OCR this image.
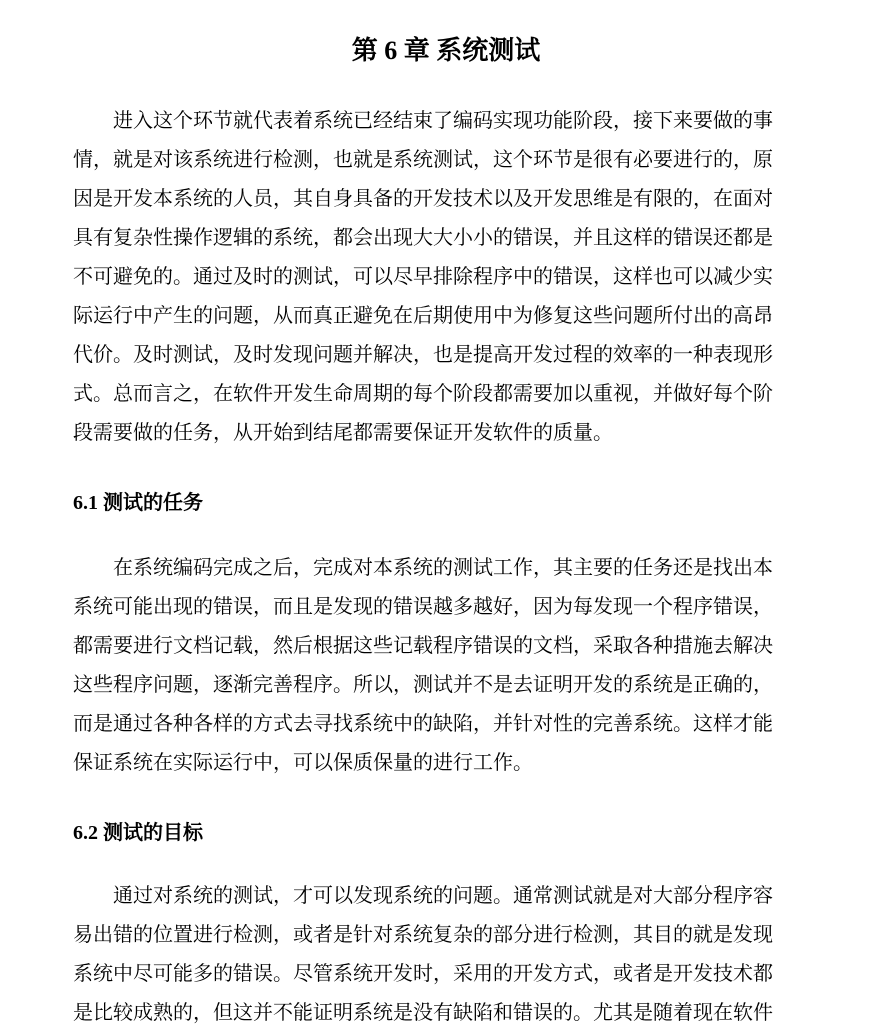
第 6 章 系统测试
进入这个环节就代表着系统已经结束了编码实现功能阶段，接下来要做的事
情，就是对该系统进行检测，也就是系统测试，这个环节是很有必要进行的，原
因是开发本系统的人员，其自身具备的开发技术以及开发思维是有限的，在面对
具有复杂性操作逻辑的系统，都会出现大大小小的错误，并且这样的错误还都是
不可避免的。通过及时的测试，可以尽早排除程序中的错误，这样也可以减少实
际运行中产生的问题，从而真正避免在后期使用中为修复这些问题所付出的高昂
代价。及时测试，及时发现问题并解决，也是提高开发过程的效率的一种表现形
式。总而言之，在软件开发生命周期的每个阶段都需要加以重视，并做好每个阶
段需要做的任务，从开始到结尾都需要保证开发软件的质量。
6.1 测试的任务
在系统编码完成之后，完成对本系统的测试工作，其主要的任务还是找出本
系统可能出现的错误，而且是发现的错误越多越好，因为每发现一个程序错误，
都需要进行文档记载，然后根据这些记载程序错误的文档，采取各种措施去解决
这些程序问题，逐渐完善程序。所以，测试并不是去证明开发的系统是正确的，
而是通过各种各样的方式去寻找系统中的缺陷，并针对性的完善系统。这样才能
保证系统在实际运行中，可以保质保量的进行工作。
6.2 测试的目标
通过对系统的测试，才可以发现系统的问题。通常测试就是对大部分程序容
易出错的位置进行检测，或者是针对系统复杂的部分进行检测，其目的就是发现
系统中尽可能多的错误。尽管系统开发时，采用的开发方式，或者是开发技术都
是比较成熟的，但这并不能证明系统是没有缺陷和错误的。尤其是随着现在软件
